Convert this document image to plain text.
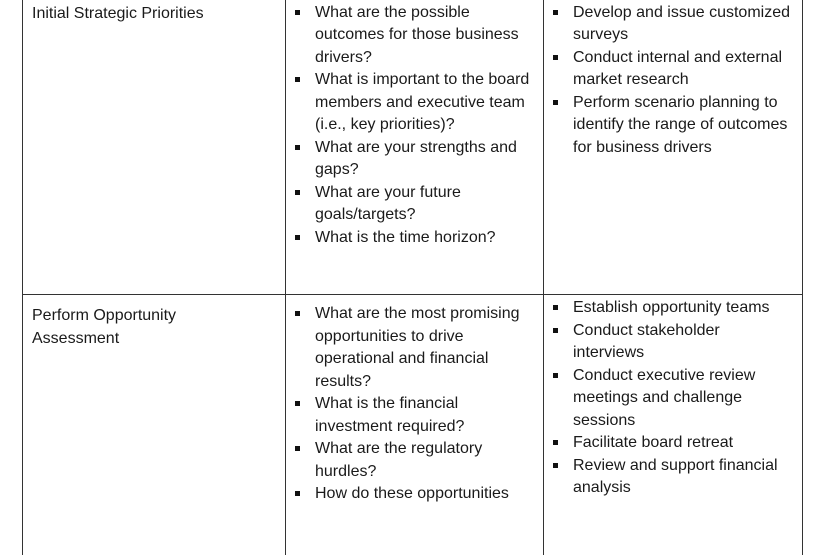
Initial Strategic Priorities	What are the possible outcomes for those business drivers?
What is important to the board members and executive team (i.e., key priorities)?
What are your strengths and gaps?
What are your future goals/targets?
What is the time horizon?
Develop and issue customized surveys
Conduct internal and external market research
Perform scenario planning to identify the range of outcomes for business drivers
Perform Opportunity
Assessment
What are the most promising opportunities to drive operational and financial results?
What is the financial investment required?
What are the regulatory hurdles?
How do these opportunities
Establish opportunity teams
Conduct stakeholder interviews
Conduct executive review meetings and challenge sessions
Facilitate board retreat
Review and support financial analysis
